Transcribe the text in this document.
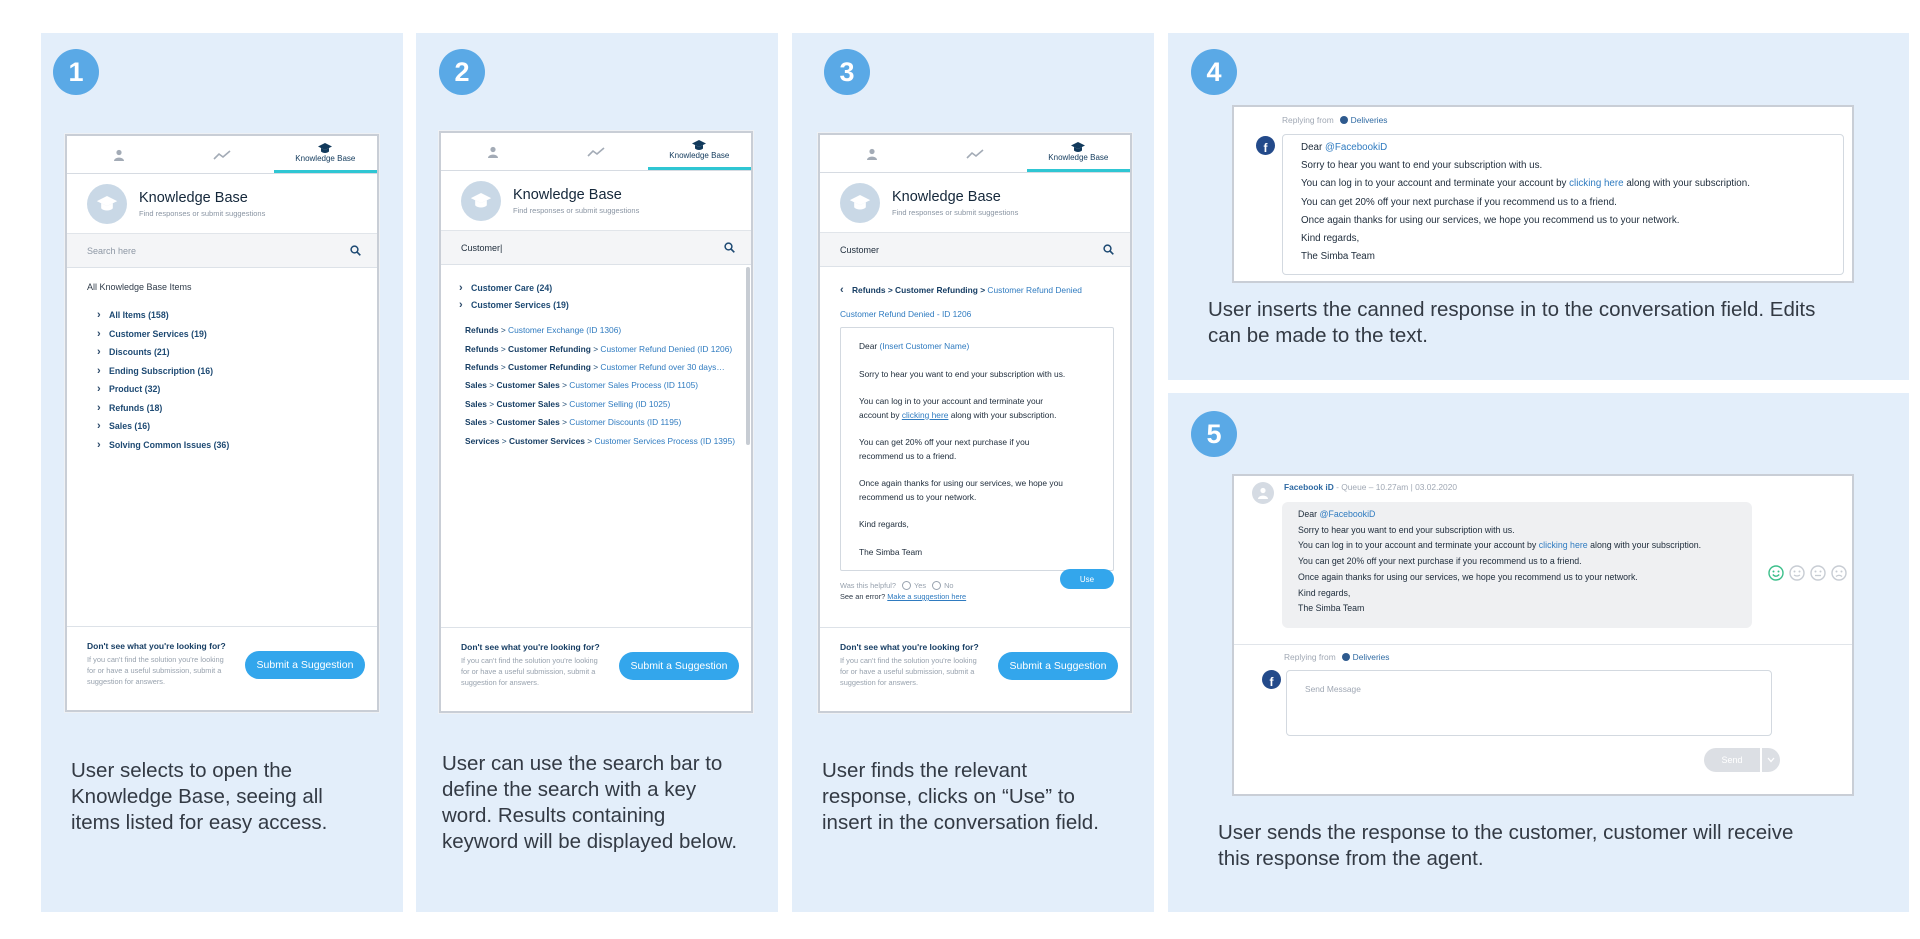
1	2	3	4
5
User selects to open the
Knowledge Base, seeing all
items listed for easy access.
User can use the search bar to
define the search with a key
word. Results containing
keyword will be displayed below.
User finds the relevant
response, clicks on “Use” to
insert in the conversation field.
User inserts the canned response in to the conversation field. Edits
can be made to the text.
User sends the response to the customer, customer will receive
this response from the agent.
Knowledge Base
Knowledge Base
Find responses or submit suggestions
Search here
All Knowledge Base Items
› All Items (158)
› Customer Services (19)
› Discounts (21)
› Ending Subscription (16)
› Product (32)
› Refunds (18)
› Sales (16)
› Solving Common Issues (36)
Don't see what you're looking for?
If you can't find the solution you're looking for or have a useful submission, submit a suggestion for answers.
Submit a Suggestion
Knowledge Base
Knowledge Base
Find responses or submit suggestions
Customer|
› Customer Care (24)
› Customer Services (19)
Refunds > Customer Exchange (ID 1306)
Refunds > Customer Refunding > Customer Refund Denied (ID 1206)
Refunds > Customer Refunding > Customer Refund over 30 days…
Sales > Customer Sales > Customer Sales Process (ID 1105)
Sales > Customer Sales > Customer Selling (ID 1025)
Sales > Customer Sales > Customer Discounts (ID 1195)
Services > Customer Services > Customer Services Process (ID 1395)
Don't see what you're looking for?
If you can't find the solution you're looking for or have a useful submission, submit a suggestion for answers.
Submit a Suggestion
Knowledge Base
Knowledge Base
Find responses or submit suggestions
Customer
‹ Refunds > Customer Refunding > Customer Refund Denied
Customer Refund Denied - ID 1206

Dear (Insert Customer Name)

Sorry to hear you want to end your subscription with us.

You can log in to your account and terminate your
account by clicking here along with your subscription.

You can get 20% off your next purchase if you
recommend us to a friend.

Once again thanks for using our services, we hope you
recommend us to your network.

Kind regards,

The Simba Team

Was this helpful? Yes No
See an error? Make a suggestion here
Use
Don't see what you're looking for?
If you can't find the solution you're looking for or have a useful submission, submit a suggestion for answers.
Submit a Suggestion
Replying from Deliveries
f	Dear @FacebookiD
Sorry to hear you want to end your subscription with us.
You can log in to your account and terminate your account by clicking here along with your subscription.
You can get 20% off your next purchase if you recommend us to a friend.
Once again thanks for using our services, we hope you recommend us to your network.
Kind regards,
The Simba Team
Facebook iD - Queue – 10.27am | 03.02.2020
Dear @FacebookiD
Sorry to hear you want to end your subscription with us.
You can log in to your account and terminate your account by clicking here along with your subscription.
You can get 20% off your next purchase if you recommend us to a friend.
Once again thanks for using our services, we hope you recommend us to your network.
Kind regards,
The Simba Team
Replying from Deliveries
f	Send Message
Send
